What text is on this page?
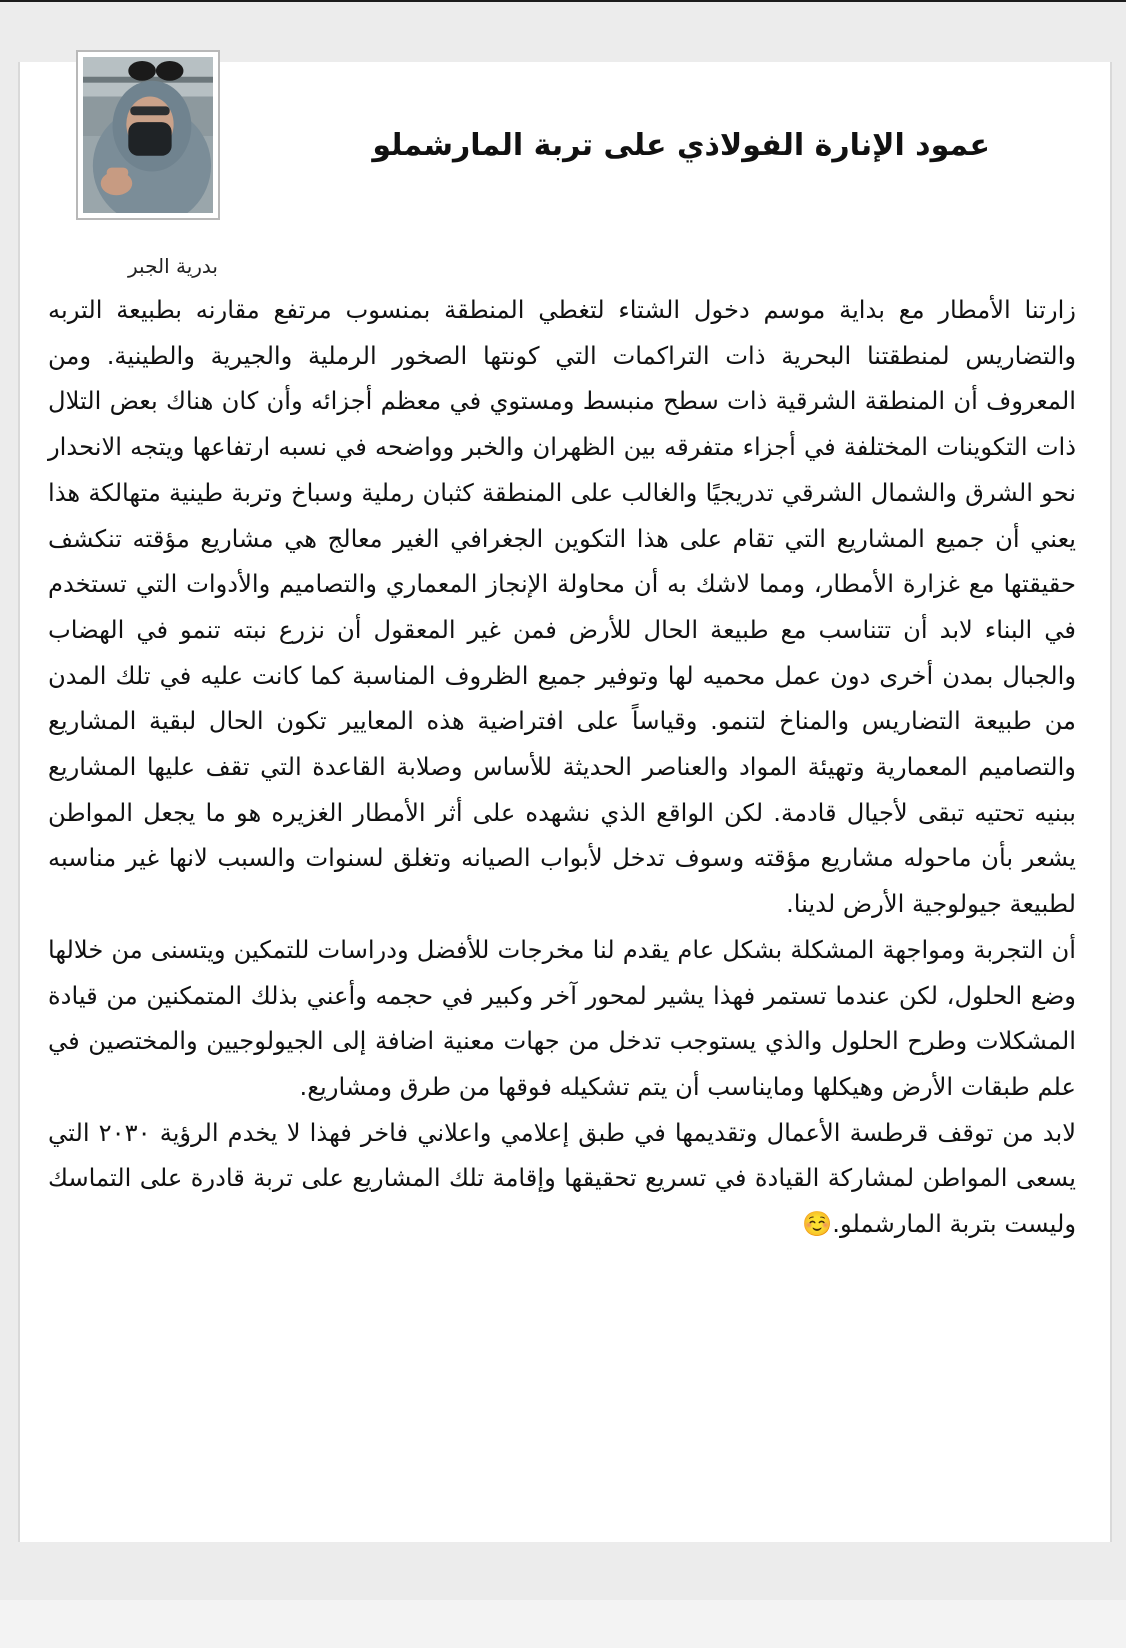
عمود الإنارة الفولاذي على تربة المارشملو
بدرية الجبر

زارتنا الأمطار مع بداية موسم دخول الشتاء لتغطي المنطقة بمنسوب مرتفع مقارنه بطبيعة التربه والتضاريس لمنطقتنا البحرية ذات التراكمات التي كونتها الصخور الرملية والجيرية والطينية. ومن المعروف أن المنطقة الشرقية ذات سطح منبسط ومستوي في معظم أجزائه وأن كان هناك بعض التلال ذات التكوينات المختلفة في أجزاء متفرقه بين الظهران والخبر وواضحه في نسبه ارتفاعها ويتجه الانحدار نحو الشرق والشمال الشرقي تدريجيًا والغالب على المنطقة كثبان رملية وسباخ وتربة طينية متهالكة هذا يعني أن جميع المشاريع التي تقام على هذا التكوين الجغرافي الغير معالج هي مشاريع مؤقته تنكشف حقيقتها مع غزارة الأمطار، ومما لاشك به أن محاولة الإنجاز المعماري والتصاميم والأدوات التي تستخدم في البناء لابد أن تتناسب مع طبيعة الحال للأرض فمن غير المعقول أن نزرع نبته تنمو في الهضاب والجبال بمدن أخرى دون عمل محميه لها وتوفير جميع الظروف المناسبة كما كانت عليه في تلك المدن من طبيعة التضاريس والمناخ لتنمو. وقياساً على افتراضية هذه المعايير تكون الحال لبقية المشاريع والتصاميم المعمارية وتهيئة المواد والعناصر الحديثة للأساس وصلابة القاعدة التي تقف عليها المشاريع ببنيه تحتيه تبقى لأجيال قادمة. لكن الواقع الذي نشهده على أثر الأمطار الغزيره هو ما يجعل المواطن يشعر بأن ماحوله مشاريع مؤقته وسوف تدخل لأبواب الصيانه وتغلق لسنوات والسبب لانها غير مناسبه لطبيعة جيولوجية الأرض لدينا.

أن التجربة ومواجهة المشكلة بشكل عام يقدم لنا مخرجات للأفضل ودراسات للتمكين ويتسنى من خلالها وضع الحلول، لكن عندما تستمر فهذا يشير لمحور آخر وكبير في حجمه وأعني بذلك المتمكنين من قيادة المشكلات وطرح الحلول والذي يستوجب تدخل من جهات معنية اضافة إلى الجيولوجيين والمختصين في علم طبقات الأرض وهيكلها ومايناسب أن يتم تشكيله فوقها من طرق ومشاريع.

لابد من توقف قرطسة الأعمال وتقديمها في طبق إعلامي واعلاني فاخر فهذا لا يخدم الرؤية ٢٠٣٠ التي يسعى المواطن لمشاركة القيادة في تسريع تحقيقها وإقامة تلك المشاريع على تربة قادرة على التماسك وليست بتربة المارشملو.☺️
